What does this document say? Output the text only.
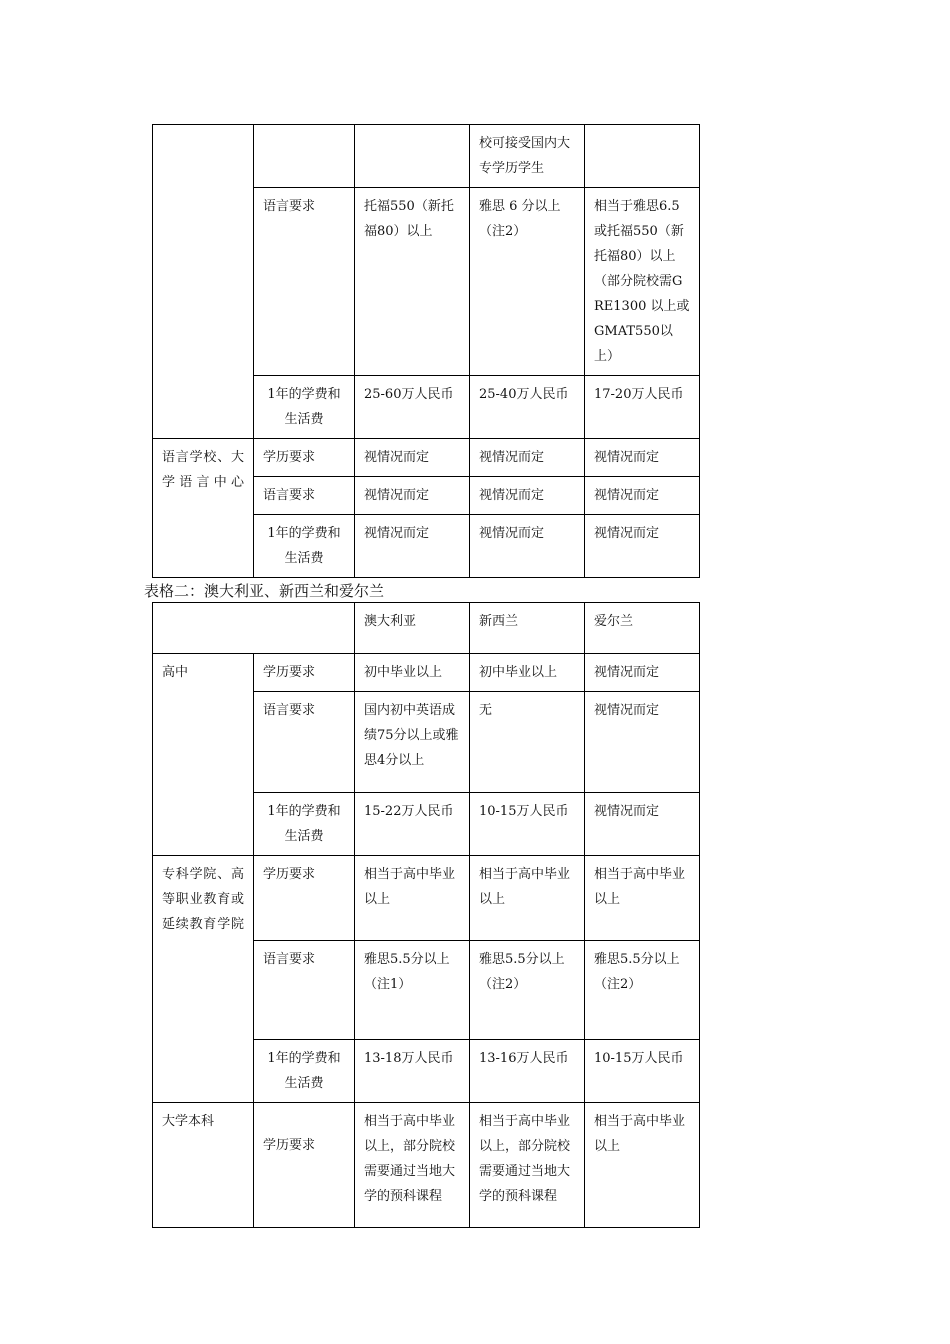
			校可接受国内大专学历学生	
	语言要求	托福550（新托福80）以上	雅思 6 分以上（注2）	相当于雅思6.5或托福550（新托福80）以上（部分院校需GRE1300 以上或GMAT550以上）
	1年的学费和生活费	25-60万人民币	25-40万人民币	17-20万人民币
语言学校、大学语言中心	学历要求	视情况而定	视情况而定	视情况而定
	语言要求	视情况而定	视情况而定	视情况而定
	1年的学费和生活费	视情况而定	视情况而定	视情况而定
表格二：澳大利亚、新西兰和爱尔兰
		澳大利亚	新西兰	爱尔兰
高中	学历要求	初中毕业以上	初中毕业以上	视情况而定
	语言要求	国内初中英语成绩75分以上或雅思4分以上	无	视情况而定
	1年的学费和生活费	15-22万人民币	10-15万人民币	视情况而定
专科学院、高等职业教育或延续教育学院	学历要求	相当于高中毕业以上	相当于高中毕业以上	相当于高中毕业以上
	语言要求	雅思5.5分以上（注1）	雅思5.5分以上（注2）	雅思5.5分以上（注2）
	1年的学费和生活费	13-18万人民币	13-16万人民币	10-15万人民币
大学本科	学历要求	相当于高中毕业以上，部分院校需要通过当地大学的预科课程	相当于高中毕业以上，部分院校需要通过当地大学的预科课程	相当于高中毕业以上
